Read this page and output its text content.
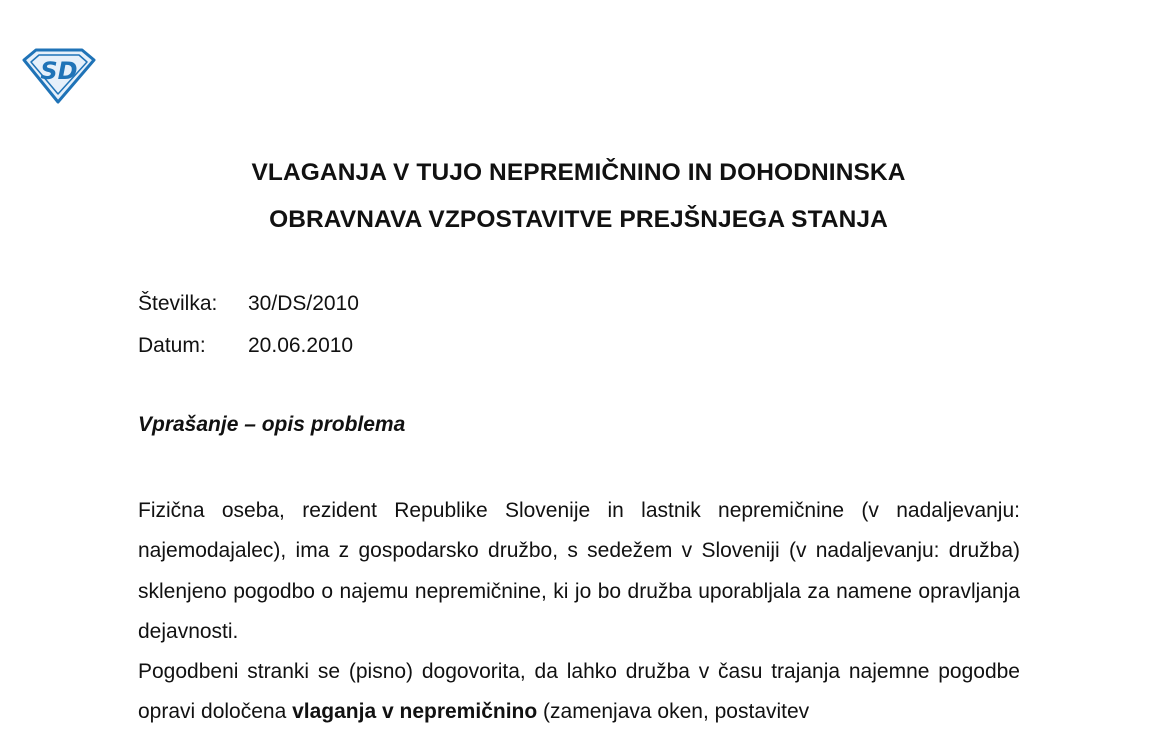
SD
VLAGANJA V TUJO NEPREMIČNINO IN DOHODNINSKA
OBRAVNAVA VZPOSTAVITVE PREJŠNJEGA STANJA
Številka: 30/DS/2010
Datum: 20.06.2010
Vprašanje – opis problema

Fizična oseba, rezident Republike Slovenije in lastnik nepremičnine (v nadaljevanju: najemodajalec), ima z gospodarsko družbo, s sedežem v Sloveniji (v nadaljevanju: družba) sklenjeno pogodbo o najemu nepremičnine, ki jo bo družba uporabljala za namene opravljanja dejavnosti.

Pogodbeni stranki se (pisno) dogovorita, da lahko družba v času trajanja najemne pogodbe opravi določena vlaganja v nepremičnino (zamenjava oken, postavitev
